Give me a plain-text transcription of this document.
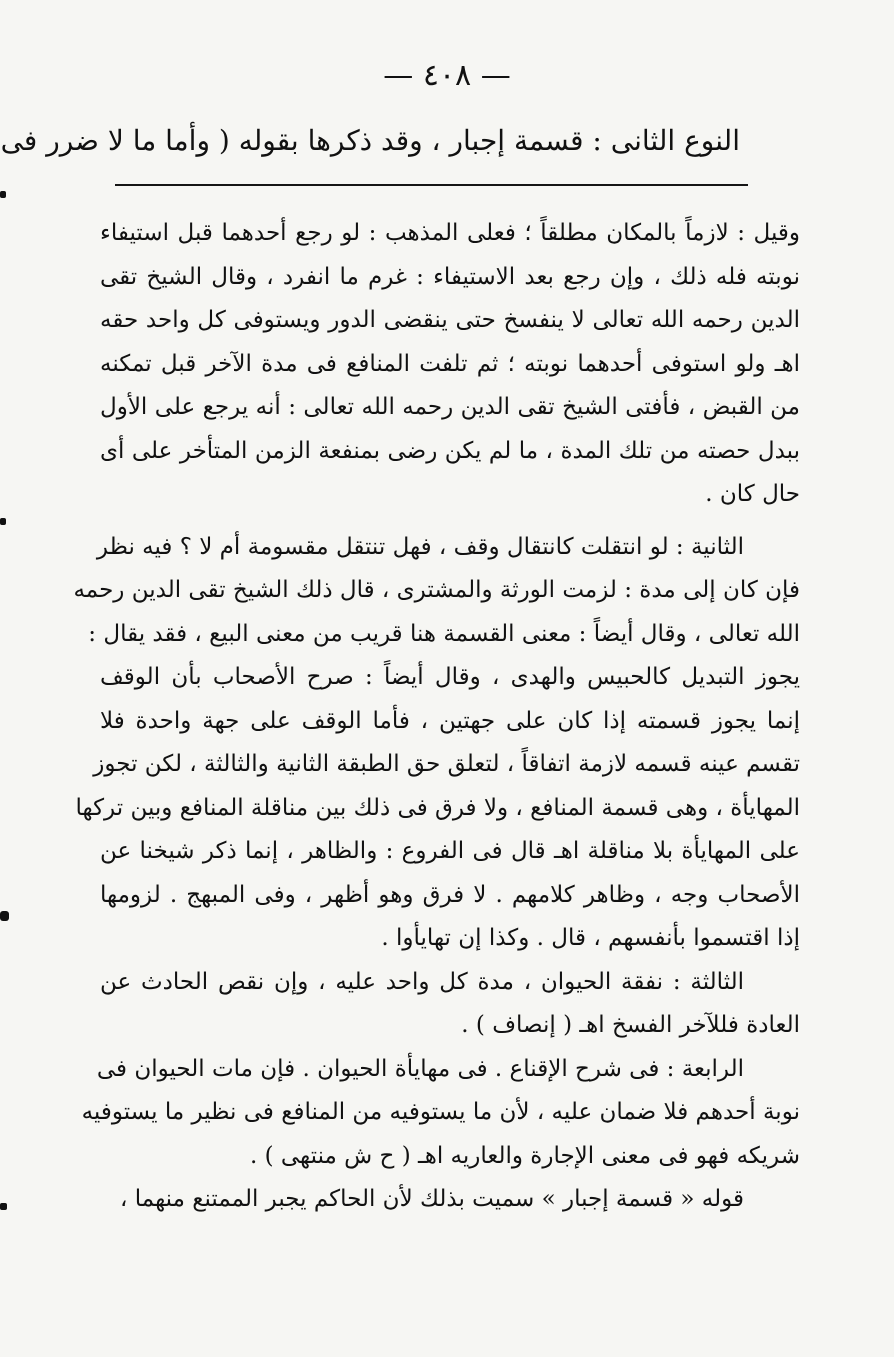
— ٤٠٨ —
النوع الثانى : قسمة إجبار ، وقد ذكرها بقوله ( وأما ما لا ضرر فى

وقيل : لازماً بالمكان مطلقاً ؛ فعلى المذهب : لو رجع أحدهما قبل استيفاء
نوبته فله ذلك ، وإن رجع بعد الاستيفاء : غرم ما انفرد ، وقال الشيخ تقى
الدين رحمه الله تعالى لا ينفسخ حتى ينقضى الدور ويستوفى كل واحد حقه
اهـ ولو استوفى أحدهما نوبته ؛ ثم تلفت المنافع فى مدة الآخر قبل تمكنه
من القبض ، فأفتى الشيخ تقى الدين رحمه الله تعالى : أنه يرجع على الأول
ببدل حصته من تلك المدة ، ما لم يكن رضى بمنفعة الزمن المتأخر على أى
حال كان .

الثانية : لو انتقلت كانتقال وقف ، فهل تنتقل مقسومة أم لا ؟ فيه نظر
فإن كان إلى مدة : لزمت الورثة والمشترى ، قال ذلك الشيخ تقى الدين رحمه
الله تعالى ، وقال أيضاً : معنى القسمة هنا قريب من معنى البيع ، فقد يقال :
يجوز التبديل كالحبيس والهدى ، وقال أيضاً : صرح الأصحاب بأن الوقف
إنما يجوز قسمته إذا كان على جهتين ، فأما الوقف على جهة واحدة فلا
تقسم عينه قسمه لازمة اتفاقاً ، لتعلق حق الطبقة الثانية والثالثة ، لكن تجوز
المهايأة ، وهى قسمة المنافع ، ولا فرق فى ذلك بين مناقلة المنافع وبين تركها
على المهايأة بلا مناقلة اهـ قال فى الفروع : والظاهر ، إنما ذكر شيخنا عن
الأصحاب وجه ، وظاهر كلامهم . لا فرق وهو أظهر ، وفى المبهج . لزومها
إذا اقتسموا بأنفسهم ، قال . وكذا إن تهايأوا .

الثالثة : نفقة الحيوان ، مدة كل واحد عليه ، وإن نقص الحادث عن
العادة فللآخر الفسخ اهـ ( إنصاف ) .

الرابعة : فى شرح الإقناع . فى مهايأة الحيوان . فإن مات الحيوان فى
نوبة أحدهم فلا ضمان عليه ، لأن ما يستوفيه من المنافع فى نظير ما يستوفيه
شريكه فهو فى معنى الإجارة والعاريه اهـ ( ح ش منتهى ) .

قوله « قسمة إجبار » سميت بذلك لأن الحاكم يجبر الممتنع منهما ،
